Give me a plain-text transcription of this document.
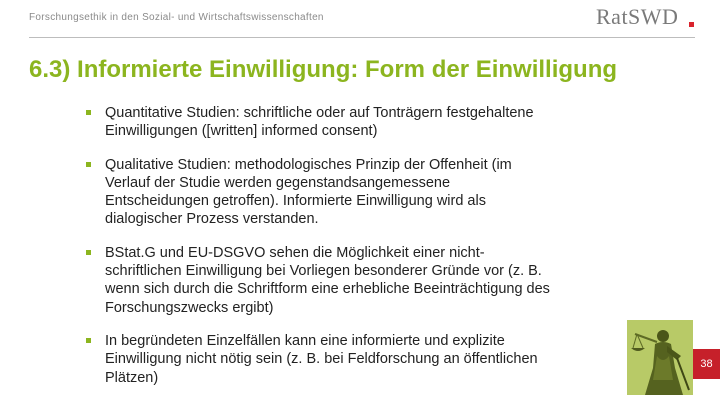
Forschungsethik in den Sozial- und Wirtschaftswissenschaften	RatSWD
6.3) Informierte Einwilligung: Form der Einwilligung
Quantitative Studien: schriftliche oder auf Tonträgern festgehaltene Einwilligungen ([written] informed consent)
Qualitative Studien: methodologisches Prinzip der Offenheit (im Verlauf der Studie werden gegenstandsangemessene Entscheidungen getroffen). Informierte Einwilligung wird als dialogischer Prozess verstanden.
BStat.G und EU-DSGVO sehen die Möglichkeit einer nicht-schriftlichen Einwilligung bei Vorliegen besonderer Gründe vor (z. B. wenn sich durch die Schriftform eine erhebliche Beeinträchtigung des Forschungszwecks ergibt)
In begründeten Einzelfällen kann eine informierte und explizite Einwilligung nicht nötig sein (z. B. bei Feldforschung an öffentlichen Plätzen)
38
